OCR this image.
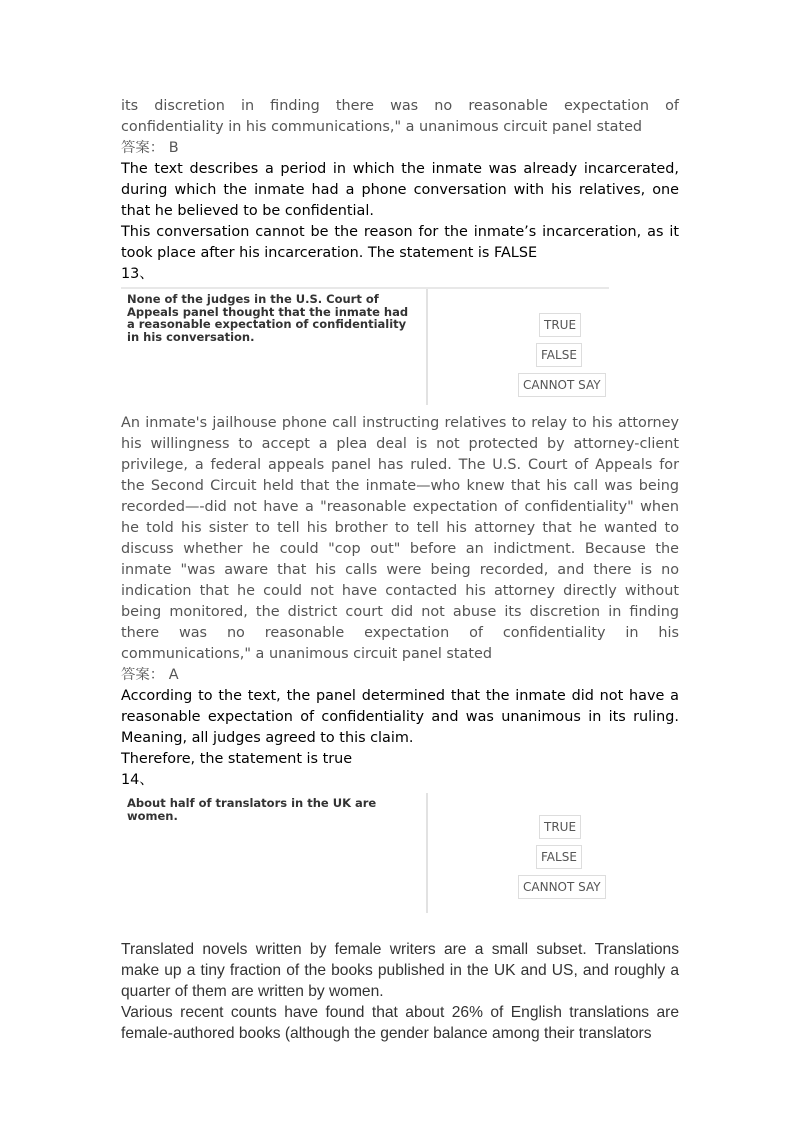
its discretion in finding there was no reasonable expectation of confidentiality in his communications," a unanimous circuit panel stated

答案： B

The text describes a period in which the inmate was already incarcerated, during which the inmate had a phone conversation with his relatives, one that he believed to be confidential.

This conversation cannot be the reason for the inmate’s incarceration, as it took place after his incarceration. The statement is FALSE

13、

None of the judges in the U.S. Court of Appeals panel thought that the inmate had a reasonable expectation of confidentiality in his conversation.
TRUE
FALSE
CANNOT SAY

An inmate's jailhouse phone call instructing relatives to relay to his attorney his willingness to accept a plea deal is not protected by attorney-client privilege, a federal appeals panel has ruled. The U.S. Court of Appeals for the Second Circuit held that the inmate—who knew that his call was being recorded—-did not have a "reasonable expectation of confidentiality" when he told his sister to tell his brother to tell his attorney that he wanted to discuss whether he could "cop out" before an indictment. Because the inmate "was aware that his calls were being recorded, and there is no indication that he could not have contacted his attorney directly without being monitored, the district court did not abuse its discretion in finding there was no reasonable expectation of confidentiality in his communications," a unanimous circuit panel stated

答案： A

According to the text, the panel determined that the inmate did not have a reasonable expectation of confidentiality and was unanimous in its ruling. Meaning, all judges agreed to this claim.

Therefore, the statement is true

14、

About half of translators in the UK are women.
TRUE
FALSE
CANNOT SAY

Translated novels written by female writers are a small subset. Translations make up a tiny fraction of the books published in the UK and US, and roughly a quarter of them are written by women.

Various recent counts have found that about 26% of English translations are female-authored books (although the gender balance among their translators
